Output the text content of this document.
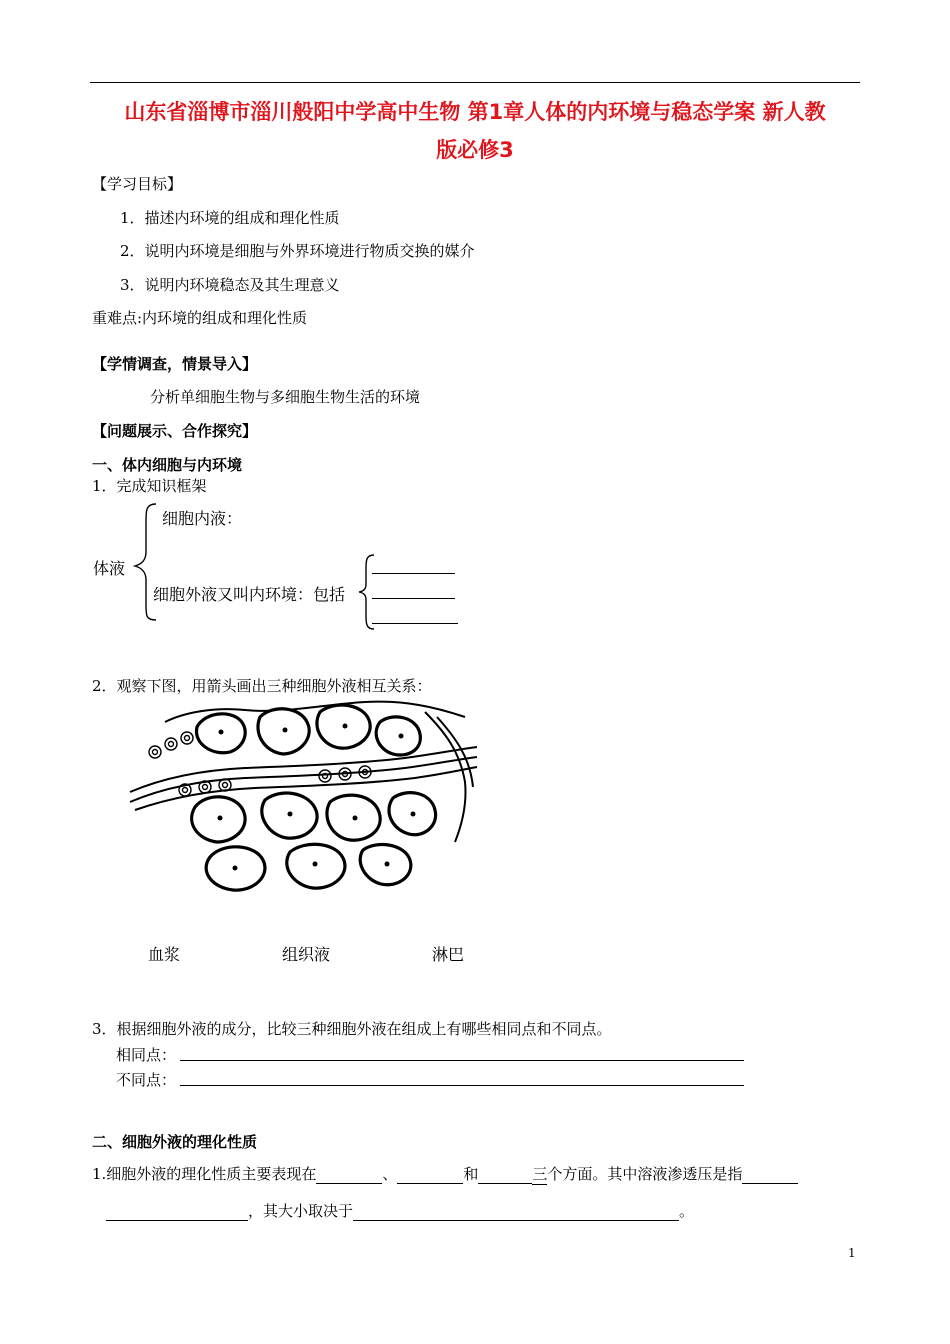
山东省淄博市淄川般阳中学高中生物 第1章人体的内环境与稳态学案 新人教
版必修3
【学习目标】
1．描述内环境的组成和理化性质
2．说明内环境是细胞与外界环境进行物质交换的媒介
3．说明内环境稳态及其生理意义
重难点:内环境的组成和理化性质
【学情调查，情景导入】
分析单细胞生物与多细胞生物生活的环境
【问题展示、合作探究】
一、体内细胞与内环境
1．完成知识框架
体液
细胞内液：
细胞外液又叫内环境：包括
2．观察下图，用箭头画出三种细胞外液相互关系：
血浆	组织液	淋巴
3．根据细胞外液的成分，比较三种细胞外液在组成上有哪些相同点和不同点。
相同点：
不同点：
二、细胞外液的理化性质
1.细胞外液的理化性质主要表现在	、	和	三个方面。其中溶液渗透压是指
，其大小取决于	。
1
